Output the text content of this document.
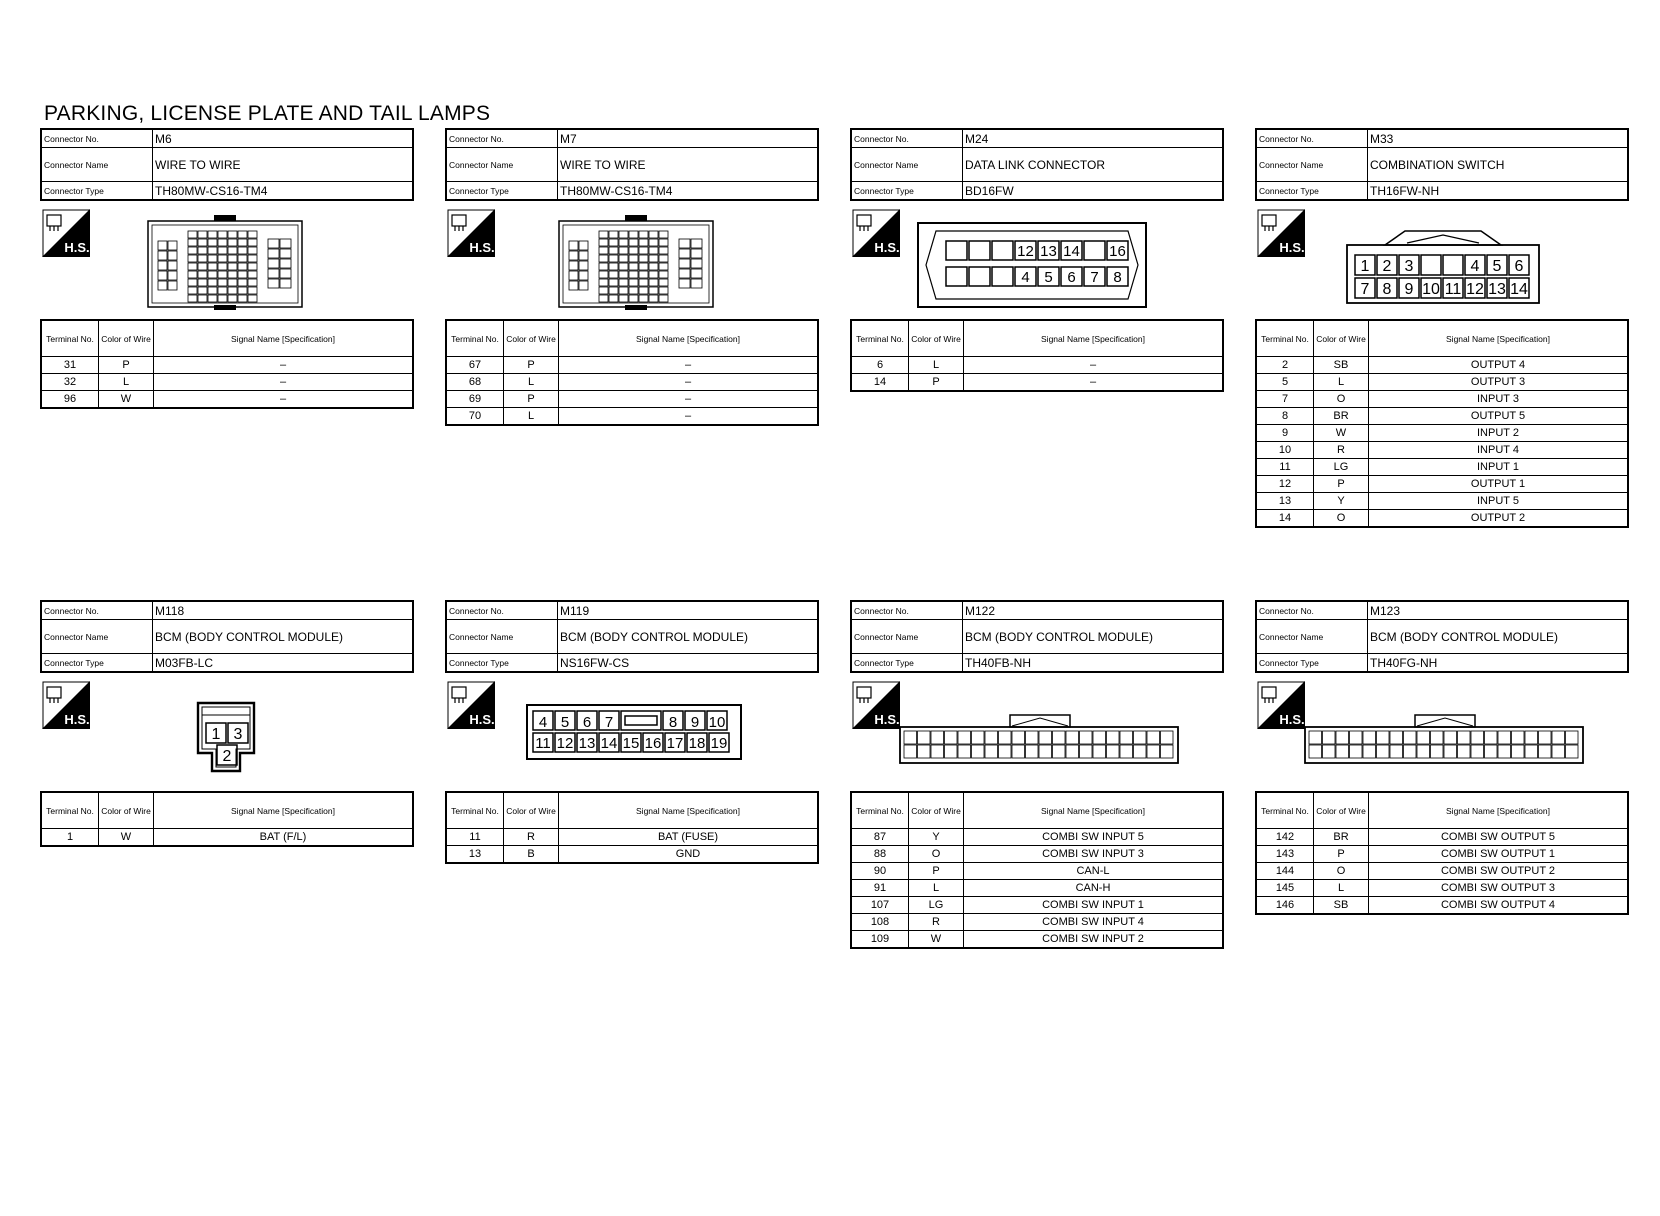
PARKING, LICENSE PLATE AND TAIL LAMPS
Connector No.	M6
Connector Name	WIRE TO WIRE
Connector Type	TH80MW-CS16-TM4
H.S.
Terminal No.	Color of Wire	Signal Name [Specification]
31	P	–
32	L	–
96	W	–
Connector No.	M7
Connector Name	WIRE TO WIRE
Connector Type	TH80MW-CS16-TM4
H.S.
Terminal No.	Color of Wire	Signal Name [Specification]
67	P	–
68	L	–
69	P	–
70	L	–
Connector No.	M24
Connector Name	DATA LINK CONNECTOR
Connector Type	BD16FW
H.S.	12 13 14 16
4 5 6 7 8
Terminal No.	Color of Wire	Signal Name [Specification]
6	L	–
14	P	–
Connector No.	M33
Connector Name	COMBINATION SWITCH
Connector Type	TH16FW-NH
H.S.
1 2 3	4 5 6
7 8 9 10 11 12 13 14
Terminal No.	Color of Wire	Signal Name [Specification]
2	SB	OUTPUT 4
5	L	OUTPUT 3
7	O	INPUT 3
8	BR	OUTPUT 5
9	W	INPUT 2
10	R	INPUT 4
11	LG	INPUT 1
12	P	OUTPUT 1
13	Y	INPUT 5
14	O	OUTPUT 2
Connector No.	M118
Connector Name	BCM (BODY CONTROL MODULE)
Connector Type	M03FB-LC
H.S.
1 3
2
Terminal No.	Color of Wire	Signal Name [Specification]
1	W	BAT (F/L)
Connector No.	M119
Connector Name	BCM (BODY CONTROL MODULE)
Connector Type	NS16FW-CS
H.S.	4 5 6 7	8 9 10
11 12 13 14 15 16 17 18 19
Terminal No.	Color of Wire	Signal Name [Specification]
11	R	BAT (FUSE)
13	B	GND
Connector No.	M122
Connector Name	BCM (BODY CONTROL MODULE)
Connector Type	TH40FB-NH
H.S.
Terminal No.	Color of Wire	Signal Name [Specification]
87	Y	COMBI SW INPUT 5
88	O	COMBI SW INPUT 3
90	P	CAN-L
91	L	CAN-H
107	LG	COMBI SW INPUT 1
108	R	COMBI SW INPUT 4
109	W	COMBI SW INPUT 2
Connector No.	M123
Connector Name	BCM (BODY CONTROL MODULE)
Connector Type	TH40FG-NH
H.S.
Terminal No.	Color of Wire	Signal Name [Specification]
142	BR	COMBI SW OUTPUT 5
143	P	COMBI SW OUTPUT 1
144	O	COMBI SW OUTPUT 2
145	L	COMBI SW OUTPUT 3
146	SB	COMBI SW OUTPUT 4
